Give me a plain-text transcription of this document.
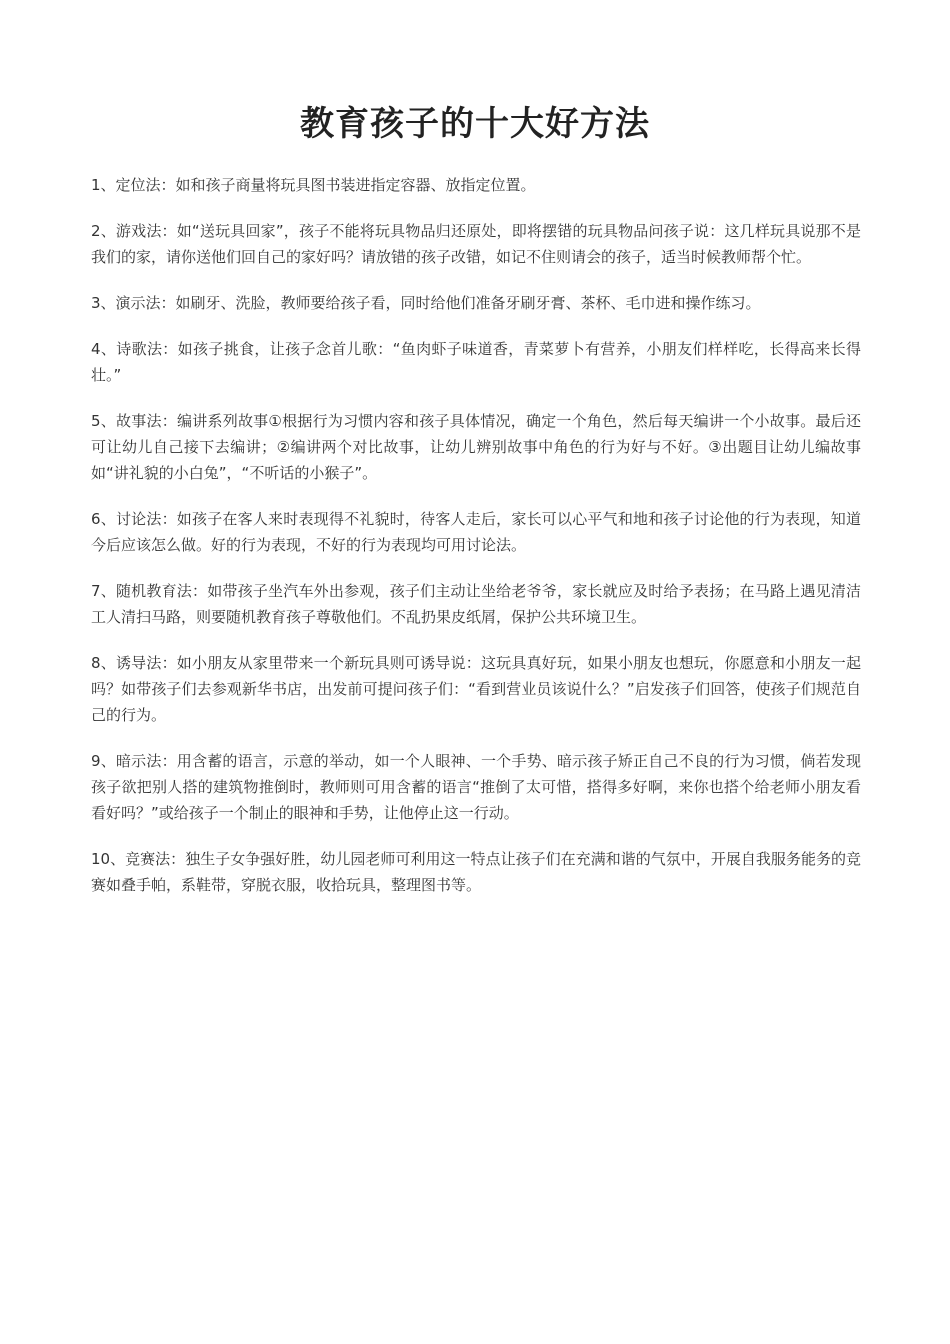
教育孩子的十大好方法

1、定位法：如和孩子商量将玩具图书装进指定容器、放指定位置。

2、游戏法：如“送玩具回家”，孩子不能将玩具物品归还原处，即将摆错的玩具物品问孩子说：这几样玩具说那不是我们的家，请你送他们回自己的家好吗？请放错的孩子改错，如记不住则请会的孩子，适当时候教师帮个忙。

3、演示法：如刷牙、洗脸，教师要给孩子看，同时给他们准备牙刷牙膏、茶杯、毛巾进和操作练习。

4、诗歌法：如孩子挑食，让孩子念首儿歌：“鱼肉虾子味道香，青菜萝卜有营养，小朋友们样样吃，长得高来长得壮。”

5、故事法：编讲系列故事①根据行为习惯内容和孩子具体情况，确定一个角色，然后每天编讲一个小故事。最后还可让幼儿自己接下去编讲；②编讲两个对比故事，让幼儿辨别故事中角色的行为好与不好。③出题目让幼儿编故事如“讲礼貌的小白兔”，“不听话的小猴子”。

6、讨论法：如孩子在客人来时表现得不礼貌时，待客人走后，家长可以心平气和地和孩子讨论他的行为表现，知道今后应该怎么做。好的行为表现，不好的行为表现均可用讨论法。

7、随机教育法：如带孩子坐汽车外出参观，孩子们主动让坐给老爷爷，家长就应及时给予表扬；在马路上遇见清洁工人清扫马路，则要随机教育孩子尊敬他们。不乱扔果皮纸屑，保护公共环境卫生。

8、诱导法：如小朋友从家里带来一个新玩具则可诱导说：这玩具真好玩，如果小朋友也想玩，你愿意和小朋友一起吗？如带孩子们去参观新华书店，出发前可提问孩子们：“看到营业员该说什么？”启发孩子们回答，使孩子们规范自己的行为。

9、暗示法：用含蓄的语言，示意的举动，如一个人眼神、一个手势、暗示孩子矫正自己不良的行为习惯，倘若发现孩子欲把别人搭的建筑物推倒时，教师则可用含蓄的语言“推倒了太可惜，搭得多好啊，来你也搭个给老师小朋友看看好吗？”或给孩子一个制止的眼神和手势，让他停止这一行动。

10、竞赛法：独生子女争强好胜，幼儿园老师可利用这一特点让孩子们在充满和谐的气氛中，开展自我服务能务的竞赛如叠手帕，系鞋带，穿脱衣服，收拾玩具，整理图书等。
